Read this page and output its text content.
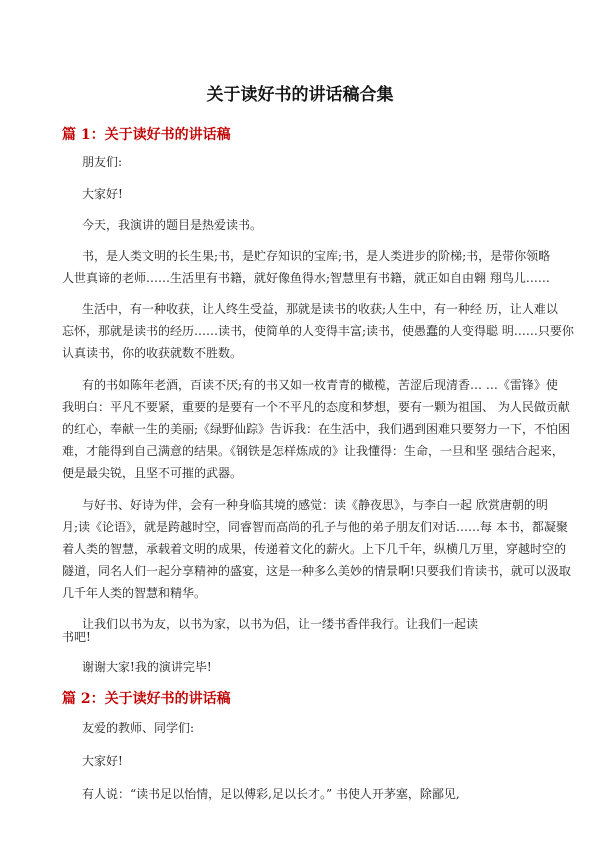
关于读好书的讲话稿合集
篇 1：关于读好书的讲话稿
朋友们:
大家好!
今天，我演讲的题目是热爱读书。
书，是人类文明的长生果;书，是贮存知识的宝库;书，是人类进步的阶梯;书，是带你领略
人世真谛的老师……生活里有书籍，就好像鱼得水;智慧里有书籍，就正如自由翱 翔鸟儿……
生活中，有一种收获，让人终生受益，那就是读书的收获;人生中，有一种经 历，让人难以
忘怀，那就是读书的经历……读书，使简单的人变得丰富;读书，使愚蠢的人变得聪 明……只要你
认真读书，你的收获就数不胜数。
有的书如陈年老酒，百读不厌;有的书又如一枚青青的橄榄，苦涩后现清香… …《雷锋》使
我明白：平凡不要紧，重要的是要有一个不平凡的态度和梦想，要有一颗为祖国、 为人民做贡献
的红心，奉献一生的美丽;《绿野仙踪》告诉我：在生活中，我们遇到困难只要努力一下，不怕困
难，才能得到自己满意的结果。《钢铁是怎样炼成的》让我懂得：生命，一旦和坚 强结合起来，
便是最尖锐，且坚不可摧的武器。
与好书、好诗为伴，会有一种身临其境的感觉：读《静夜思》，与李白一起 欣赏唐朝的明
月;读《论语》，就是跨越时空，同睿智而高尚的孔子与他的弟子朋友们对话……每 本书，都凝聚
着人类的智慧，承载着文明的成果，传递着文化的薪火。上下几千年，纵横几万里，穿越时空的
隧道，同名人们一起分享精神的盛宴，这是一种多么美妙的情景啊!只要我们肯读书，就可以汲取
几千年人类的智慧和精华。
让我们以书为友，以书为家，以书为侣，让一缕书香伴我行。让我们一起读
书吧!
谢谢大家!我的演讲完毕!
篇 2：关于读好书的讲话稿
友爱的教师、同学们:
大家好!
有人说：“读书足以怡情，足以傅彩,足以长才。” 书使人开茅塞，除鄙见,
